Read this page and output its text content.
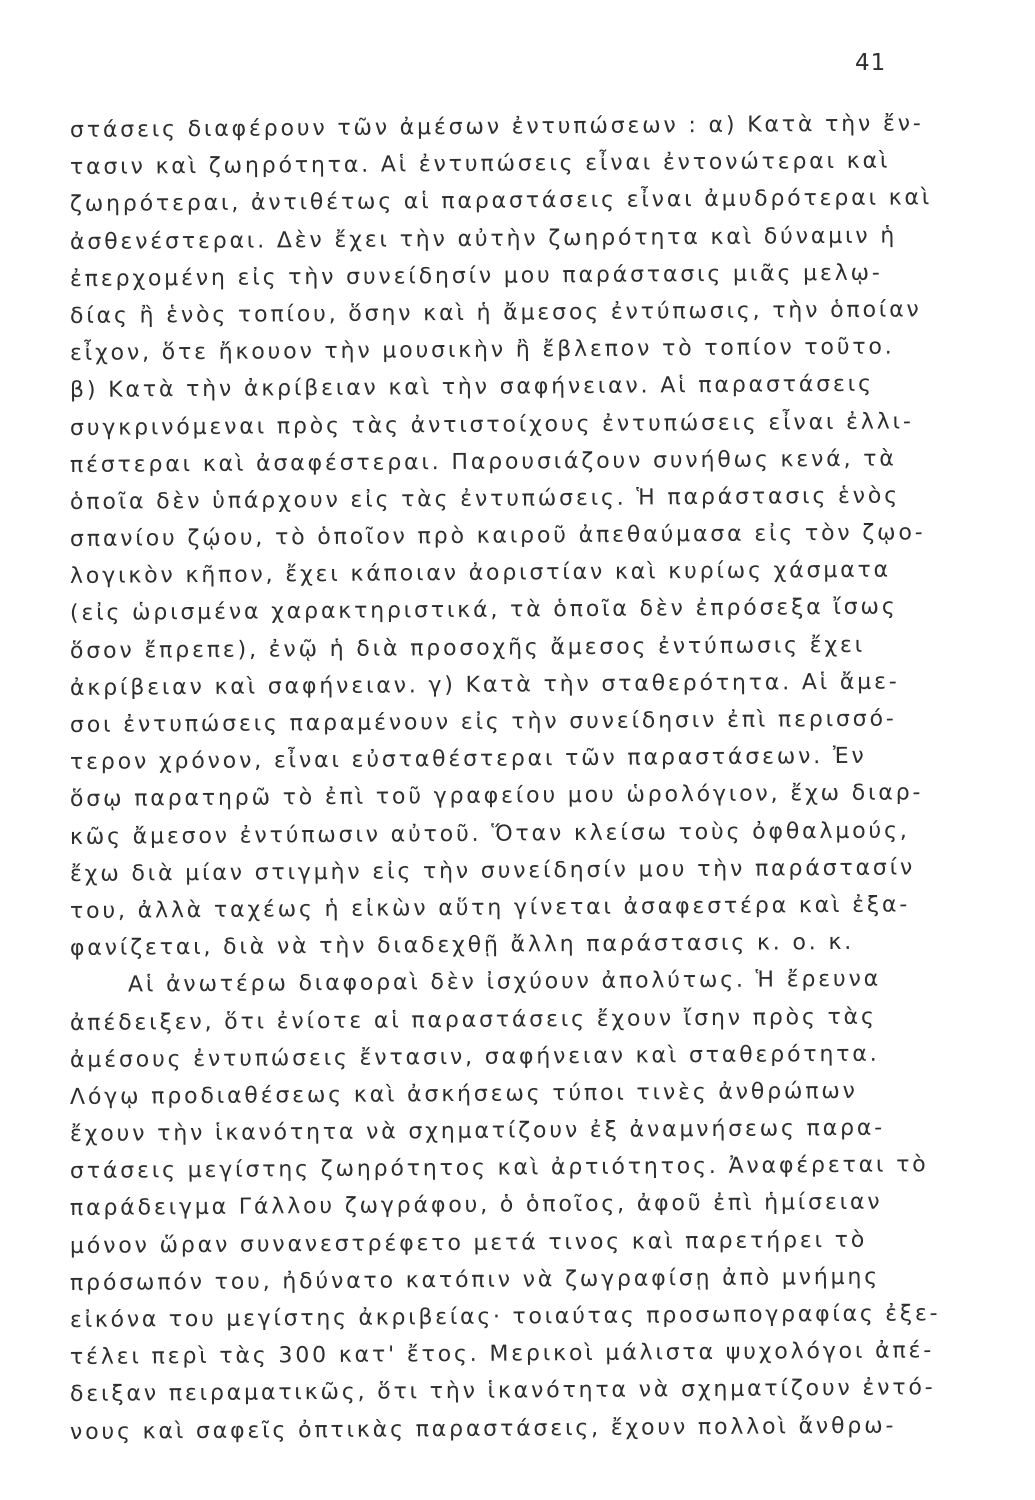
41
στάσεις διαφέρουν τῶν ἀμέσων ἐντυπώσεων : α) Κατὰ τὴν ἔν-
τασιν καὶ ζωηρότητα. Αἱ ἐντυπώσεις εἶναι ἐντονώτεραι καὶ
ζωηρότεραι, ἀντιθέτως αἱ παραστάσεις εἶναι ἀμυδρότεραι καὶ
ἀσθενέστεραι. Δὲν ἔχει τὴν αὐτὴν ζωηρότητα καὶ δύναμιν ἡ
ἐπερχομένη εἰς τὴν συνείδησίν μου παράστασις μιᾶς μελῳ-
δίας ἢ ἑνὸς τοπίου, ὅσην καὶ ἡ ἄμεσος ἐντύπωσις, τὴν ὁποίαν
εἶχον, ὅτε ἤκουον τὴν μουσικὴν ἢ ἔβλεπον τὸ τοπίον τοῦτο.
β) Κατὰ τὴν ἀκρίβειαν καὶ τὴν σαφήνειαν. Αἱ παραστάσεις
συγκρινόμεναι πρὸς τὰς ἀντιστοίχους ἐντυπώσεις εἶναι ἐλλι-
πέστεραι καὶ ἀσαφέστεραι. Παρουσιάζουν συνήθως κενά, τὰ
ὁποῖα δὲν ὑπάρχουν εἰς τὰς ἐντυπώσεις. Ἡ παράστασις ἑνὸς
σπανίου ζῴου, τὸ ὁποῖον πρὸ καιροῦ ἀπεθαύμασα εἰς τὸν ζῳο-
λογικὸν κῆπον, ἔχει κάποιαν ἀοριστίαν καὶ κυρίως χάσματα
(εἰς ὡρισμένα χαρακτηριστικά, τὰ ὁποῖα δὲν ἐπρόσεξα ἴσως
ὅσον ἔπρεπε), ἐνῷ ἡ διὰ προσοχῆς ἄμεσος ἐντύπωσις ἔχει
ἀκρίβειαν καὶ σαφήνειαν. γ) Κατὰ τὴν σταθερότητα. Αἱ ἄμε-
σοι ἐντυπώσεις παραμένουν εἰς τὴν συνείδησιν ἐπὶ περισσό-
τερον χρόνον, εἶναι εὐσταθέστεραι τῶν παραστάσεων. Ἐν
ὅσῳ παρατηρῶ τὸ ἐπὶ τοῦ γραφείου μου ὡρολόγιον, ἔχω διαρ-
κῶς ἄμεσον ἐντύπωσιν αὐτοῦ. Ὅταν κλείσω τοὺς ὀφθαλμούς,
ἔχω διὰ μίαν στιγμὴν εἰς τὴν συνείδησίν μου τὴν παράστασίν
του, ἀλλὰ ταχέως ἡ εἰκὼν αὕτη γίνεται ἀσαφεστέρα καὶ ἐξα-
φανίζεται, διὰ νὰ τὴν διαδεχθῇ ἄλλη παράστασις κ. ο. κ.
Αἱ ἀνωτέρω διαφοραὶ δὲν ἰσχύουν ἀπολύτως. Ἡ ἔρευνα
ἀπέδειξεν, ὅτι ἐνίοτε αἱ παραστάσεις ἔχουν ἴσην πρὸς τὰς
ἀμέσους ἐντυπώσεις ἔντασιν, σαφήνειαν καὶ σταθερότητα.
Λόγῳ προδιαθέσεως καὶ ἀσκήσεως τύποι τινὲς ἀνθρώπων
ἔχουν τὴν ἱκανότητα νὰ σχηματίζουν ἐξ ἀναμνήσεως παρα-
στάσεις μεγίστης ζωηρότητος καὶ ἀρτιότητος. Ἀναφέρεται τὸ
παράδειγμα Γάλλου ζωγράφου, ὁ ὁποῖος, ἀφοῦ ἐπὶ ἡμίσειαν
μόνον ὥραν συνανεστρέφετο μετά τινος καὶ παρετήρει τὸ
πρόσωπόν του, ἠδύνατο κατόπιν νὰ ζωγραφίσῃ ἀπὸ μνήμης
εἰκόνα του μεγίστης ἀκριβείας· τοιαύτας προσωπογραφίας ἐξε-
τέλει περὶ τὰς 300 κατ' ἔτος. Μερικοὶ μάλιστα ψυχολόγοι ἀπέ-
δειξαν πειραματικῶς, ὅτι τὴν ἱκανότητα νὰ σχηματίζουν ἐντό-
νους καὶ σαφεῖς ὀπτικὰς παραστάσεις, ἔχουν πολλοὶ ἄνθρω-
